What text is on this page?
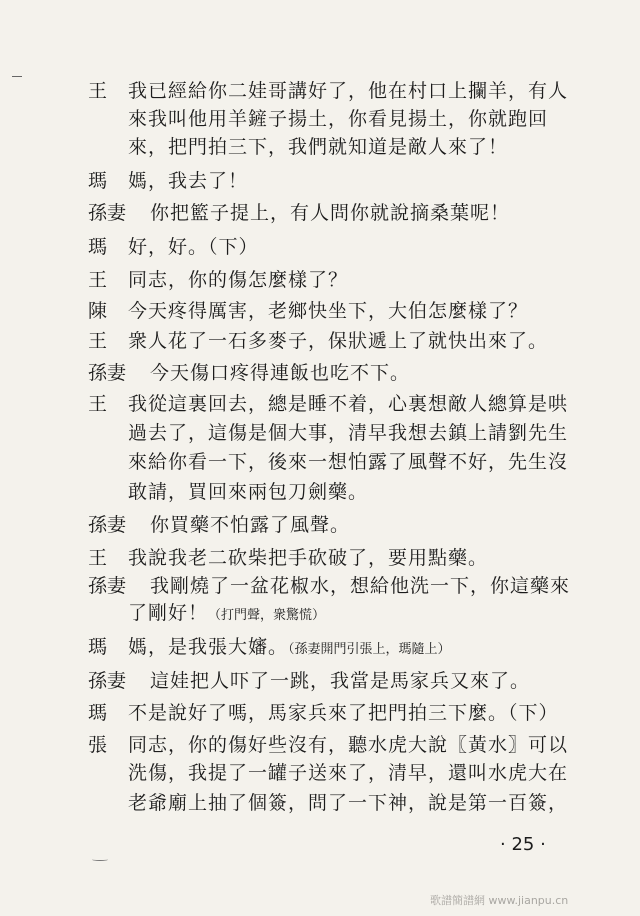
王 我已經給你二娃哥講好了，他在村口上攔羊，有人
來我叫他用羊鏟子揚土，你看見揚土，你就跑回
來，把門拍三下，我們就知道是敵人來了！
瑪 媽，我去了！
孫妻 你把籃子提上，有人問你就說摘桑葉呢！
瑪 好，好。（下）
王 同志，你的傷怎麼樣了？
陳 今天疼得厲害，老鄉快坐下，大伯怎麼樣了？
王 衆人花了一石多麥子，保狀遞上了就快出來了。
孫妻 今天傷口疼得連飯也吃不下。
王 我從這裏回去，總是睡不着，心裏想敵人總算是哄
過去了，這傷是個大事，清早我想去鎮上請劉先生
來給你看一下，後來一想怕露了風聲不好，先生沒
敢請，買回來兩包刀劍藥。
孫妻 你買藥不怕露了風聲。
王 我說我老二砍柴把手砍破了，要用點藥。
孫妻 我剛燒了一盆花椒水，想給他洗一下，你這藥來
了剛好！（打門聲，衆驚慌）
瑪 媽，是我張大嬸。（孫妻開門引張上，瑪隨上）
孫妻 這娃把人吓了一跳，我當是馬家兵又來了。
瑪 不是說好了嗎，馬家兵來了把門拍三下麼。（下）
張 同志，你的傷好些沒有，聽水虎大說〖黃水〗可以
洗傷，我提了一罐子送來了，清早，還叫水虎大在
老爺廟上抽了個簽，問了一下神，說是第一百簽，
· 25 ·
歌譜簡譜網 www.jianpu.cn
